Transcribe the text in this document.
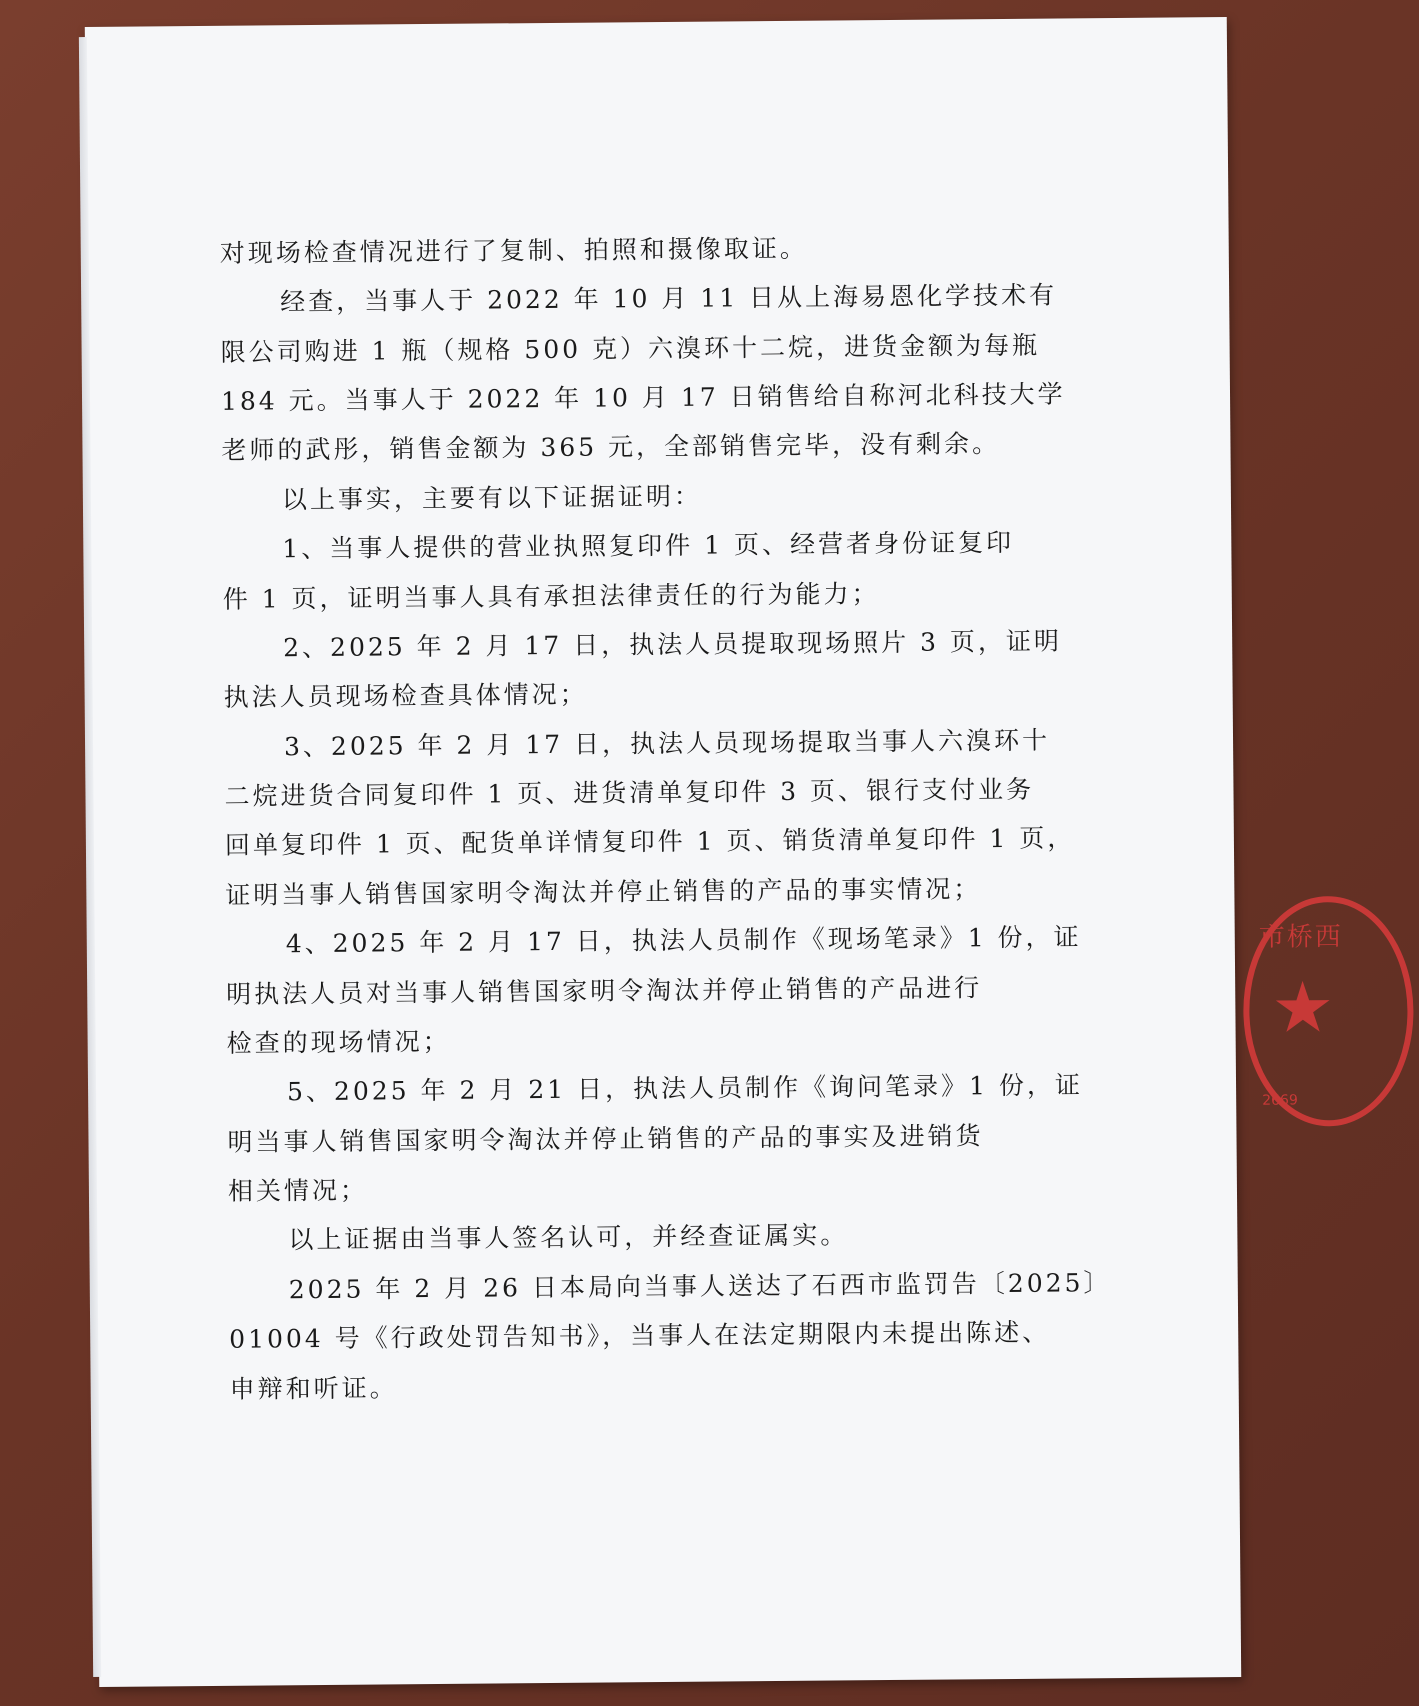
对现场检查情况进行了复制、拍照和摄像取证。
经查，当事人于 2022 年 10 月 11 日从上海易恩化学技术有
限公司购进 1 瓶（规格 500 克）六溴环十二烷，进货金额为每瓶
184 元。当事人于 2022 年 10 月 17 日销售给自称河北科技大学
老师的武彤，销售金额为 365 元，全部销售完毕，没有剩余。
以上事实，主要有以下证据证明：
1、当事人提供的营业执照复印件 1 页、经营者身份证复印
件 1 页，证明当事人具有承担法律责任的行为能力；
2、2025 年 2 月 17 日，执法人员提取现场照片 3 页，证明
执法人员现场检查具体情况；
3、2025 年 2 月 17 日，执法人员现场提取当事人六溴环十
二烷进货合同复印件 1 页、进货清单复印件 3 页、银行支付业务
回单复印件 1 页、配货单详情复印件 1 页、销货清单复印件 1 页，
证明当事人销售国家明令淘汰并停止销售的产品的事实情况；
4、2025 年 2 月 17 日，执法人员制作《现场笔录》1 份，证
明执法人员对当事人销售国家明令淘汰并停止销售的产品进行
检查的现场情况；
5、2025 年 2 月 21 日，执法人员制作《询问笔录》1 份，证
明当事人销售国家明令淘汰并停止销售的产品的事实及进销货
相关情况；
以上证据由当事人签名认可，并经查证属实。
2025 年 2 月 26 日本局向当事人送达了石西市监罚告〔2025〕
01004 号《行政处罚告知书》，当事人在法定期限内未提出陈述、
申辩和听证。
市桥西
★
2669
